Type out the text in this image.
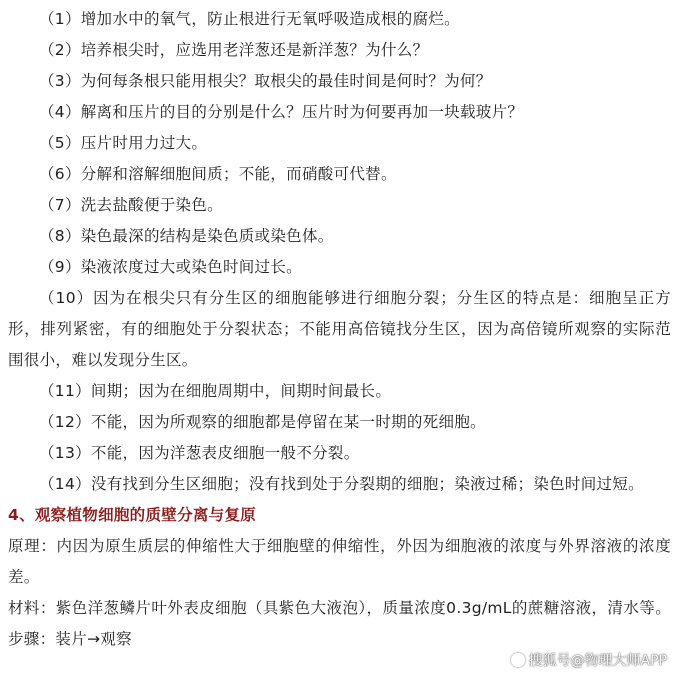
（1）增加水中的氧气，防止根进行无氧呼吸造成根的腐烂。

（2）培养根尖时，应选用老洋葱还是新洋葱？为什么？

（3）为何每条根只能用根尖？取根尖的最佳时间是何时？为何？

（4）解离和压片的目的分别是什么？压片时为何要再加一块载玻片？

（5）压片时用力过大。

（6）分解和溶解细胞间质；不能，而硝酸可代替。

（7）洗去盐酸便于染色。

（8）染色最深的结构是染色质或染色体。

（9）染液浓度过大或染色时间过长。

（10）因为在根尖只有分生区的细胞能够进行细胞分裂；分生区的特点是：细胞呈正方形，排列紧密，有的细胞处于分裂状态；不能用高倍镜找分生区，因为高倍镜所观察的实际范围很小，难以发现分生区。

（11）间期；因为在细胞周期中，间期时间最长。

（12）不能，因为所观察的细胞都是停留在某一时期的死细胞。

（13）不能，因为洋葱表皮细胞一般不分裂。

（14）没有找到分生区细胞；没有找到处于分裂期的细胞；染液过稀；染色时间过短。

4、观察植物细胞的质壁分离与复原

原理：内因为原生质层的伸缩性大于细胞壁的伸缩性，外因为细胞液的浓度与外界溶液的浓度差。

材料：紫色洋葱鳞片叶外表皮细胞（具紫色大液泡），质量浓度0.3g/mL的蔗糖溶液，清水等。步骤：装片→观察

搜狐号@物理大师APP
